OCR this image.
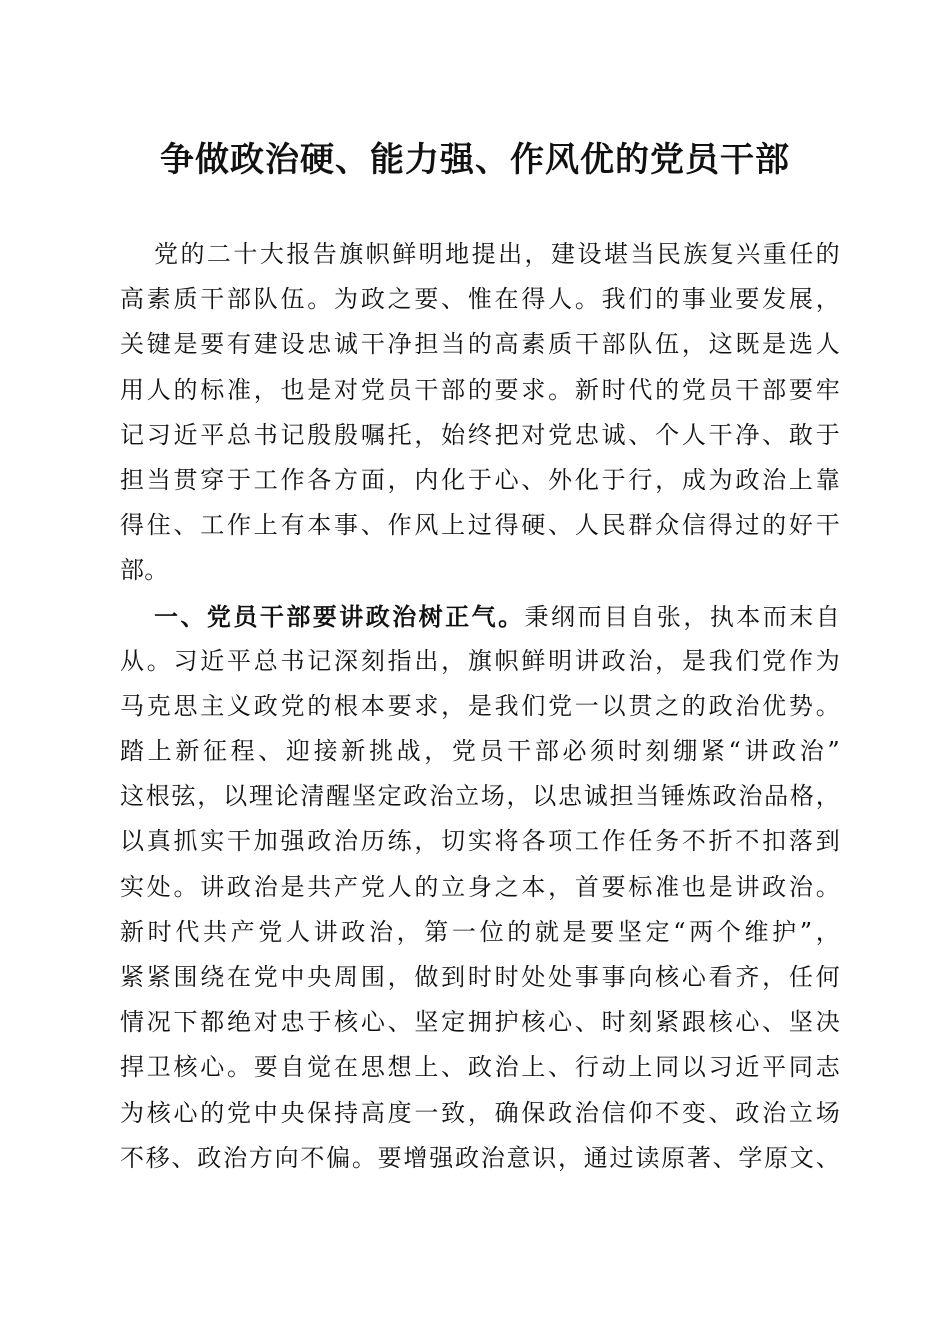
争做政治硬、能力强、作风优的党员干部
党的二十大报告旗帜鲜明地提出，建设堪当民族复兴重任的
高素质干部队伍。为政之要、惟在得人。我们的事业要发展，
关键是要有建设忠诚干净担当的高素质干部队伍，这既是选人
用人的标准，也是对党员干部的要求。新时代的党员干部要牢
记习近平总书记殷殷嘱托，始终把对党忠诚、个人干净、敢于
担当贯穿于工作各方面，内化于心、外化于行，成为政治上靠
得住、工作上有本事、作风上过得硬、人民群众信得过的好干
部。
一、党员干部要讲政治树正气。秉纲而目自张，执本而末自
从。习近平总书记深刻指出，旗帜鲜明讲政治，是我们党作为
马克思主义政党的根本要求，是我们党一以贯之的政治优势。
踏上新征程、迎接新挑战，党员干部必须时刻绷紧“讲政治”
这根弦，以理论清醒坚定政治立场，以忠诚担当锤炼政治品格，
以真抓实干加强政治历练，切实将各项工作任务不折不扣落到
实处。讲政治是共产党人的立身之本，首要标准也是讲政治。
新时代共产党人讲政治，第一位的就是要坚定“两个维护”，
紧紧围绕在党中央周围，做到时时处处事事向核心看齐，任何
情况下都绝对忠于核心、坚定拥护核心、时刻紧跟核心、坚决
捍卫核心。要自觉在思想上、政治上、行动上同以习近平同志
为核心的党中央保持高度一致，确保政治信仰不变、政治立场
不移、政治方向不偏。要增强政治意识，通过读原著、学原文、
